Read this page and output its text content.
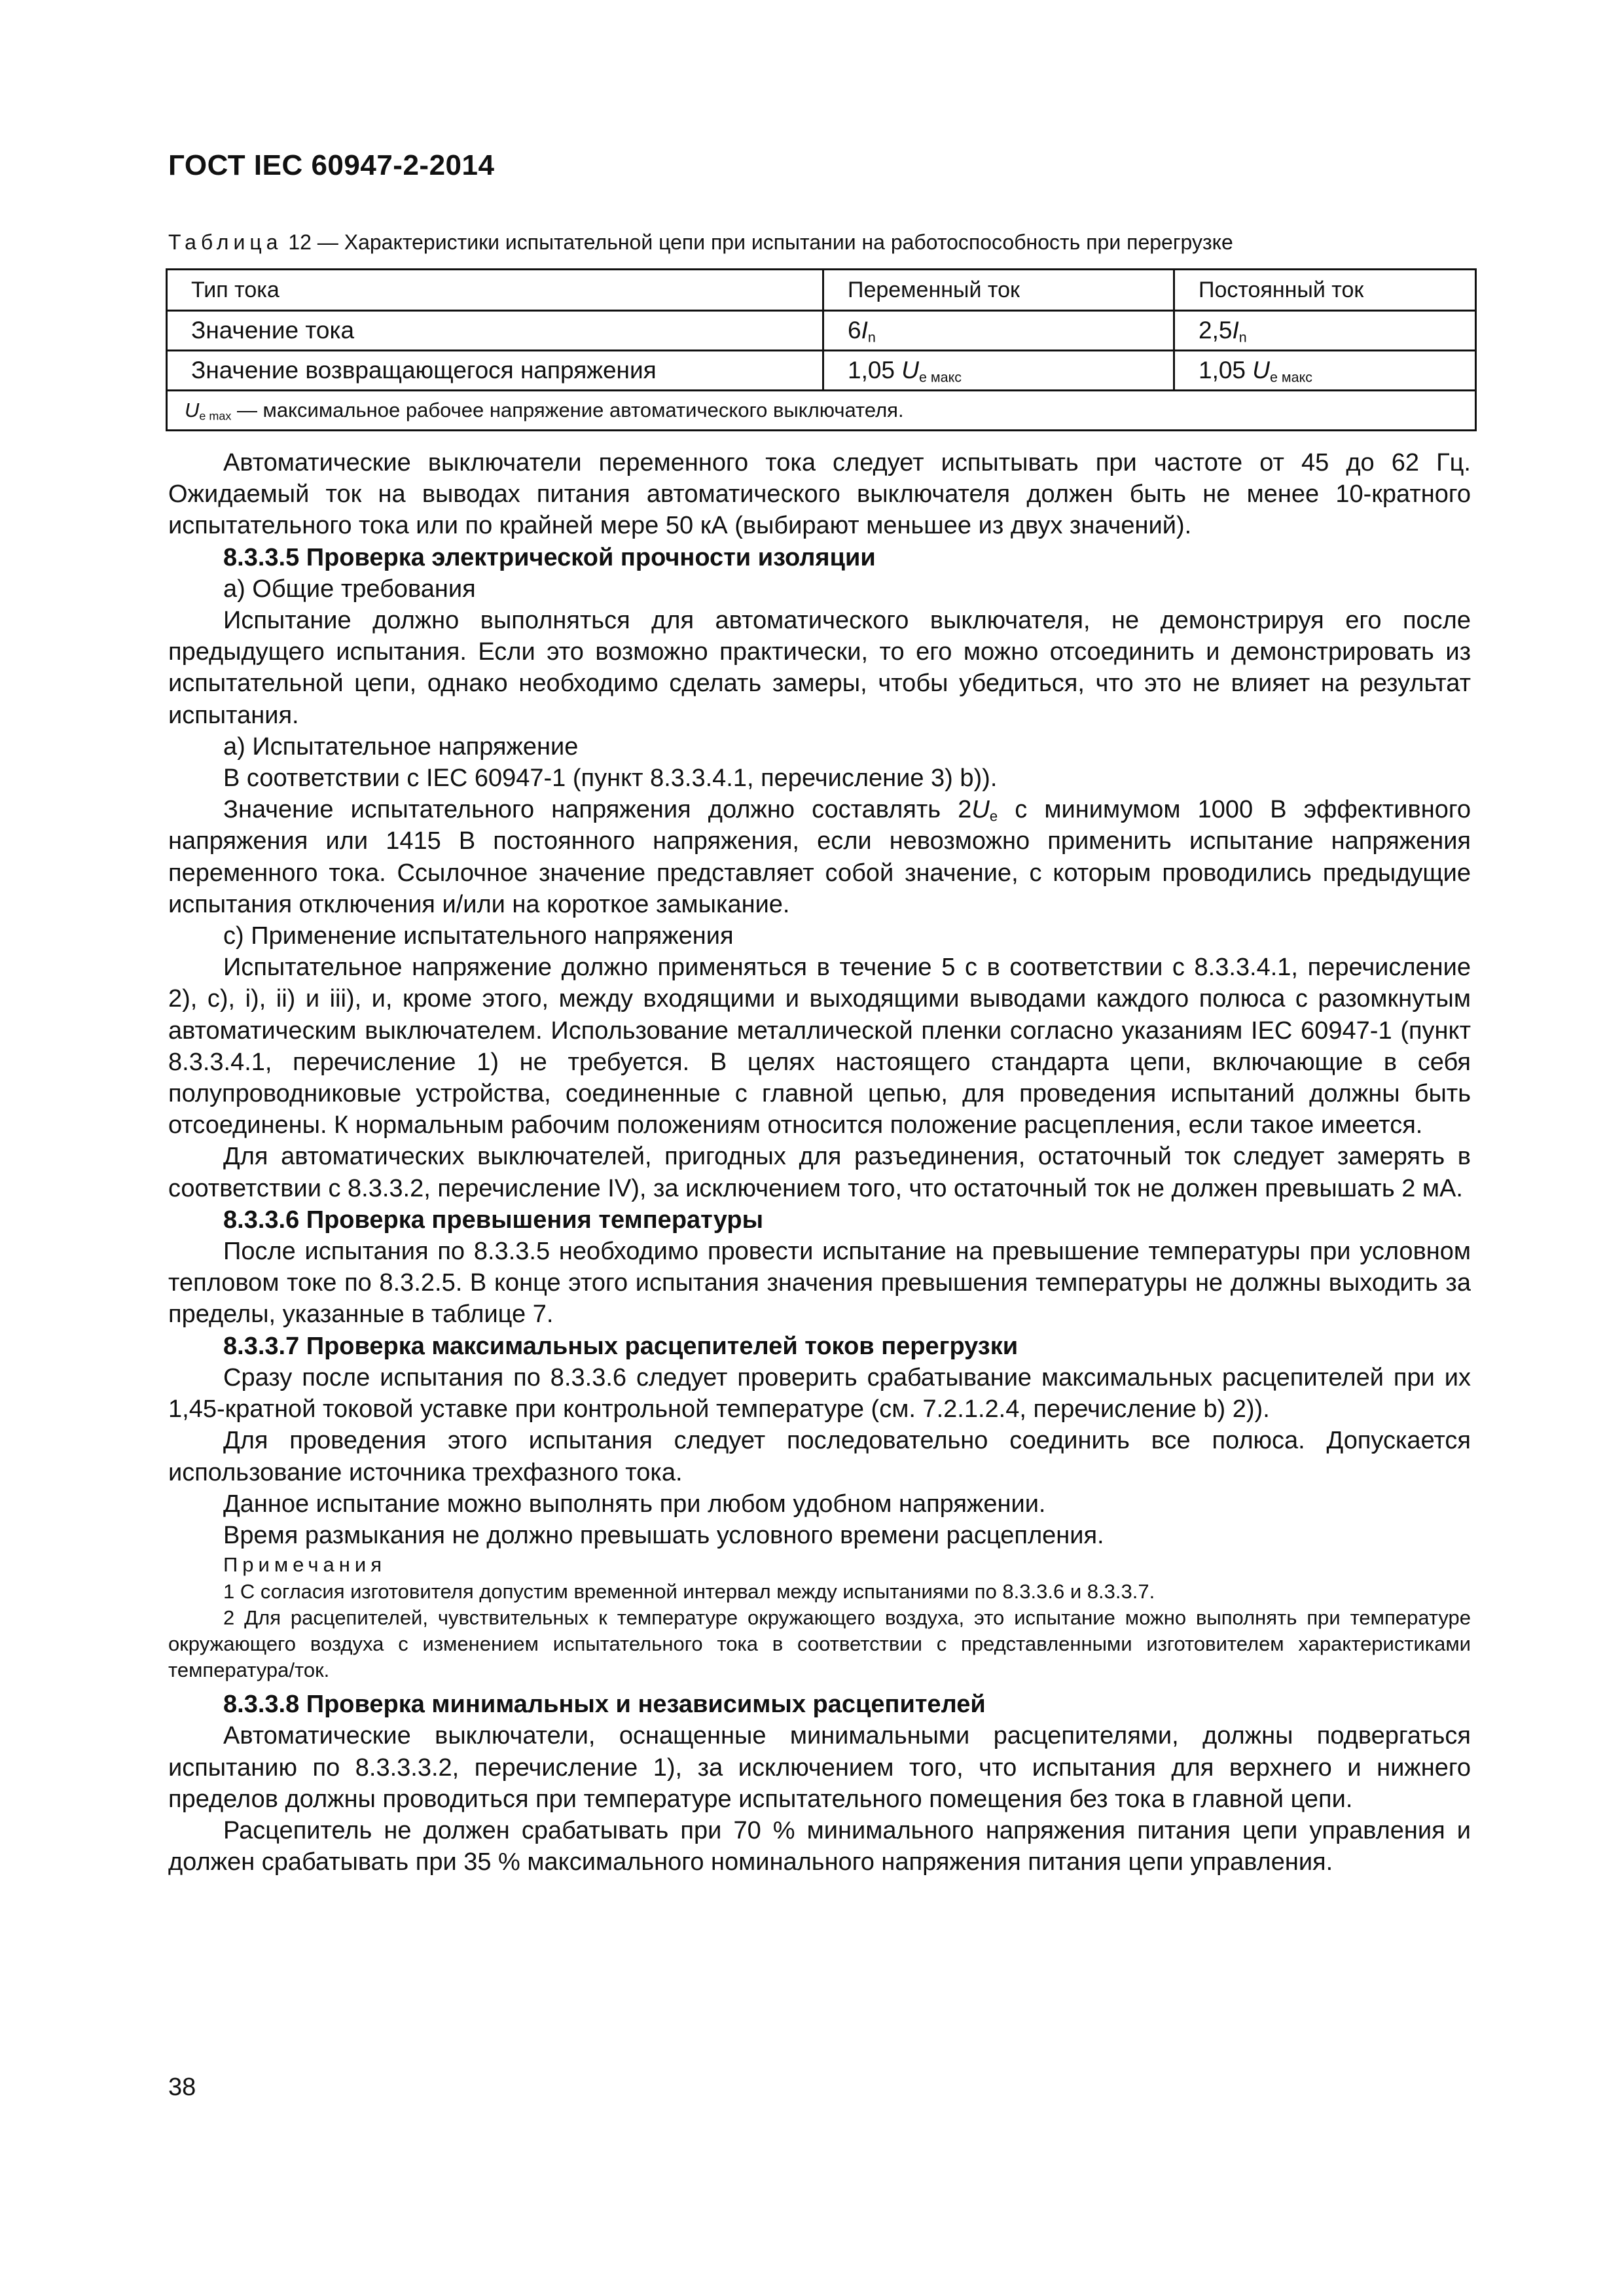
ГОСТ IEC 60947-2-2014
Таблица 12 — Характеристики испытательной цепи при испытании на работоспособность при перегрузке
Тип тока	Переменный ток	Постоянный ток
Значение тока	$6I_n$	$2,5I_n$
Значение возвращающегося напряжения	1,05 $U_{е макс}$	1,05 $U_{е макс}$
$U_{e max}$ — максимальное рабочее напряжение автоматического выключателя.		

Автоматические выключатели переменного тока следует испытывать при частоте от 45 до 62 Гц. Ожидаемый ток на выводах питания автоматического выключателя должен быть не менее 10-кратного испытательного тока или по крайней мере 50 кА (выбирают меньшее из двух значений).

8.3.3.5 Проверка электрической прочности изоляции

а) Общие требования

Испытание должно выполняться для автоматического выключателя, не демонстрируя его после предыдущего испытания. Если это возможно практически, то его можно отсоединить и демонстрировать из испытательной цепи, однако необходимо сделать замеры, чтобы убедиться, что это не влияет на результат испытания.

а) Испытательное напряжение

В соответствии с IEC 60947-1 (пункт 8.3.3.4.1, перечисление 3) b)).

Значение испытательного напряжения должно составлять $2U_e$ с минимумом 1000 В эффективного напряжения или 1415 В постоянного напряжения, если невозможно применить испытание напряжения переменного тока. Ссылочное значение представляет собой значение, с которым проводились предыдущие испытания отключения и/или на короткое замыкание.

с) Применение испытательного напряжения

Испытательное напряжение должно применяться в течение 5 с в соответствии с 8.3.3.4.1, перечисление 2), с), i), ii) и iii), и, кроме этого, между входящими и выходящими выводами каждого полюса с разомкнутым автоматическим выключателем. Использование металлической пленки согласно указаниям IEC 60947-1 (пункт 8.3.3.4.1, перечисление 1) не требуется. В целях настоящего стандарта цепи, включающие в себя полупроводниковые устройства, соединенные с главной цепью, для проведения испытаний должны быть отсоединены. К нормальным рабочим положениям относится положение расцепления, если такое имеется.

Для автоматических выключателей, пригодных для разъединения, остаточный ток следует замерять в соответствии с 8.3.3.2, перечисление IV), за исключением того, что остаточный ток не должен превышать 2 мА.

8.3.3.6 Проверка превышения температуры

После испытания по 8.3.3.5 необходимо провести испытание на превышение температуры при условном тепловом токе по 8.3.2.5. В конце этого испытания значения превышения температуры не должны выходить за пределы, указанные в таблице 7.

8.3.3.7 Проверка максимальных расцепителей токов перегрузки

Сразу после испытания по 8.3.3.6 следует проверить срабатывание максимальных расцепителей при их 1,45-кратной токовой уставке при контрольной температуре (см. 7.2.1.2.4, перечисление b) 2)).

Для проведения этого испытания следует последовательно соединить все полюса. Допускается использование источника трехфазного тока.

Данное испытание можно выполнять при любом удобном напряжении.

Время размыкания не должно превышать условного времени расцепления.

Примечания

1 С согласия изготовителя допустим временной интервал между испытаниями по 8.3.3.6 и 8.3.3.7.

2 Для расцепителей, чувствительных к температуре окружающего воздуха, это испытание можно выполнять при температуре окружающего воздуха с изменением испытательного тока в соответствии с представленными изготовителем характеристиками температура/ток.

8.3.3.8 Проверка минимальных и независимых расцепителей

Автоматические выключатели, оснащенные минимальными расцепителями, должны подвергаться испытанию по 8.3.3.3.2, перечисление 1), за исключением того, что испытания для верхнего и нижнего пределов должны проводиться при температуре испытательного помещения без тока в главной цепи.

Расцепитель не должен срабатывать при 70 % минимального напряжения питания цепи управления и должен срабатывать при 35 % максимального номинального напряжения питания цепи управления.

38
